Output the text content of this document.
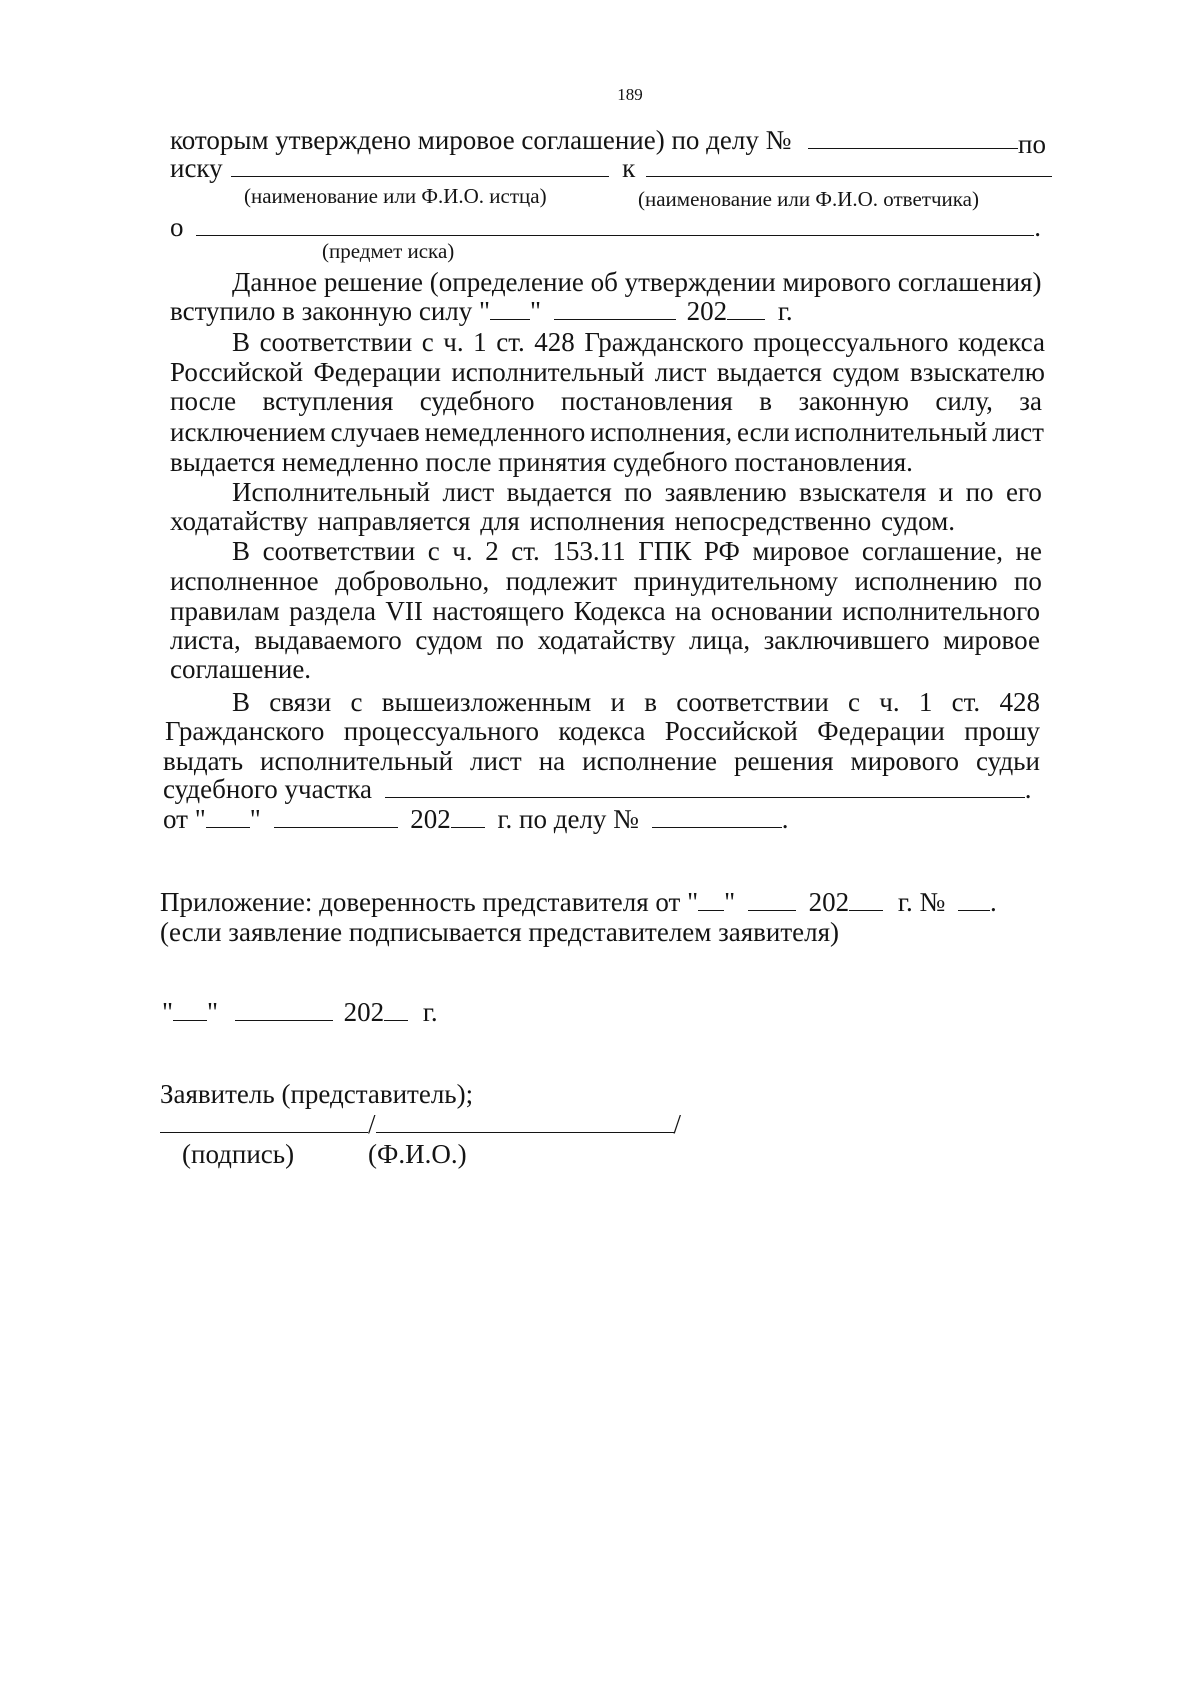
189
которым утверждено мировое соглашение) по делу №	по
иску	к
(наименование или Ф.И.О. истца)	(наименование или Ф.И.О. ответчика)
о	.
(предмет иска)
Данное решение (определение об утверждении мирового соглашения)
вступило в законную силу " "	202 г.
В соответствии с ч. 1 ст. 428 Гражданского процессуального кодекса
Российской Федерации исполнительный лист выдается судом взыскателю
после вступления судебного постановления в законную силу, за
исключением случаев немедленного исполнения, если исполнительный лист
выдается немедленно после принятия судебного постановления.
Исполнительный лист выдается по заявлению взыскателя и по его
ходатайству направляется для исполнения непосредственно судом.
В соответствии с ч. 2 ст. 153.11 ГПК РФ мировое соглашение, не
исполненное добровольно, подлежит принудительному исполнению по
правилам раздела VII настоящего Кодекса на основании исполнительного
листа, выдаваемого судом по ходатайству лица, заключившего мировое
соглашение.
В связи с вышеизложенным и в соответствии с ч. 1 ст. 428
Гражданского процессуального кодекса Российской Федерации прошу
выдать исполнительный лист на исполнение решения мирового судьи
судебного участка	.
от " "	202 г. по делу №	.
Приложение: доверенность представителя от " "	202 г. № .
(если заявление подписывается представителем заявителя)
" "	202 г.
Заявитель (представитель);
/	/
(подпись)	(Ф.И.О.)
